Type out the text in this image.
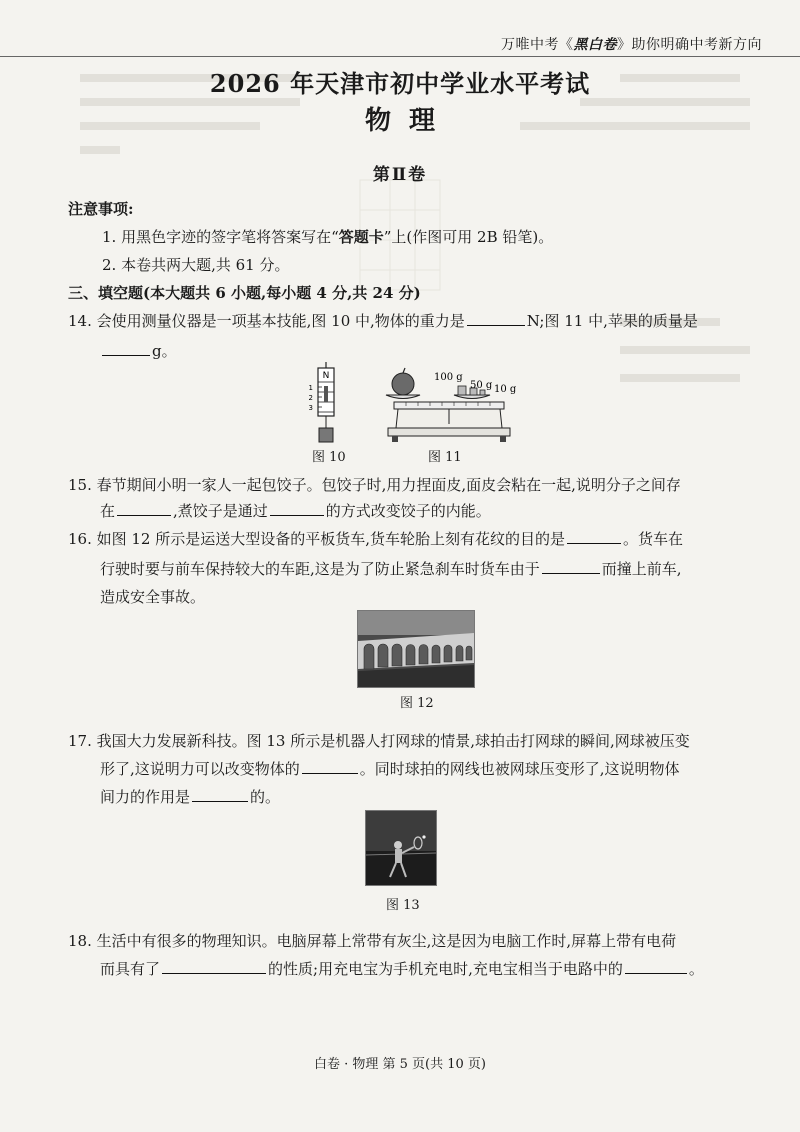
万唯中考《黑白卷》助你明确中考新方向
2026 年天津市初中学业水平考试
物理
第Ⅱ卷
注意事项:
1. 用黑色字迹的签字笔将答案写在“答题卡”上(作图可用 2B 铅笔)。
2. 本卷共两大题,共 61 分。
三、填空题(本大题共 6 小题,每小题 4 分,共 24 分)
14. 会使用测量仪器是一项基本技能,图 10 中,物体的重力是	N;图 11 中,苹果的质量是
g。
N
1
2
3
图 10
100 g
50 g 10 g
图 11
15. 春节期间小明一家人一起包饺子。包饺子时,用力捏面皮,面皮会粘在一起,说明分子之间存
在	,煮饺子是通过	的方式改变饺子的内能。
16. 如图 12 所示是运送大型设备的平板货车,货车轮胎上刻有花纹的目的是	。货车在
行驶时要与前车保持较大的车距,这是为了防止紧急刹车时货车由于	而撞上前车,
造成安全事故。
图 12
17. 我国大力发展新科技。图 13 所示是机器人打网球的情景,球拍击打网球的瞬间,网球被压变
形了,这说明力可以改变物体的	。同时球拍的网线也被网球压变形了,这说明物体
间力的作用是	的。
图 13
18. 生活中有很多的物理知识。电脑屏幕上常带有灰尘,这是因为电脑工作时,屏幕上带有电荷
而具有了	的性质;用充电宝为手机充电时,充电宝相当于电路中的	。
白卷 · 物理 第 5 页(共 10 页)
